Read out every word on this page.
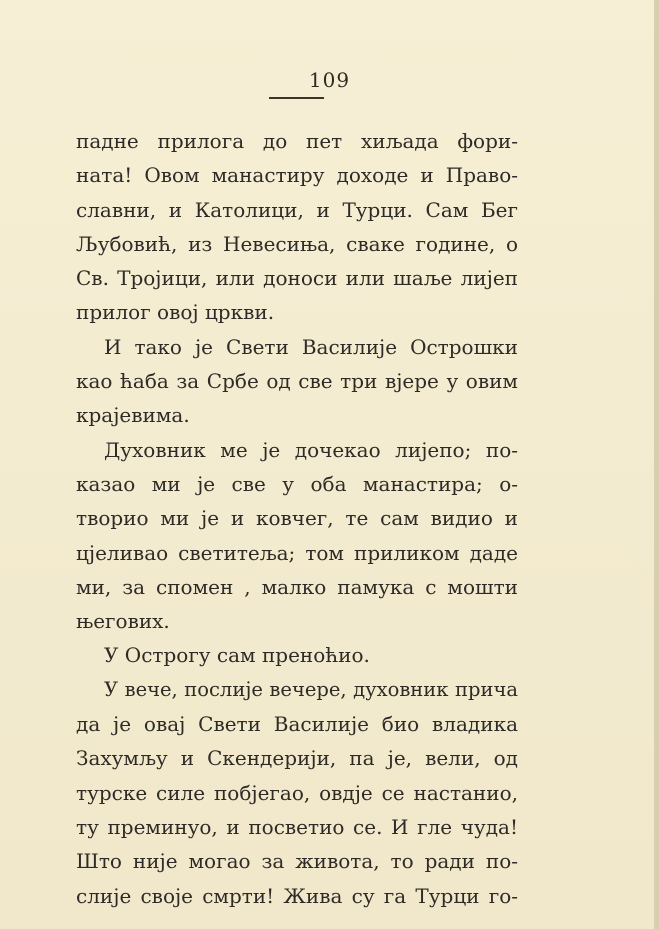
109
падне прилога до пет хиљада фори-
ната! Овом манастиру доходе и Право-
славни, и Католици, и Турци. Сам Бег
Љубовић, из Невесиња, сваке године, о
Св. Тројици, или доноси или шаље лијеп
прилог овој цркви.
И тако је Свети Василије Острошки
као ћаба за Србе од све три вјере у овим
крајевима.
Духовник ме је дочекао лијепо; по-
казао ми је све у оба манастира; о-
творио ми је и ковчег, те сам видио и
цјеливао светитеља; том приликом даде
ми, за спомен , малко памука с мошти
његових.
У Острогу сам преноћио.
У вече, послије вечере, духовник прича
да је овај Свети Василије био владика
Захумљу и Скендерији, па је, вели, од
турске силе побјегао, овдје се настанио,
ту преминуо, и посветио се. И гле чуда!
Што није могао за живота, то ради по-
слије своје смрти! Жива су га Турци го-
